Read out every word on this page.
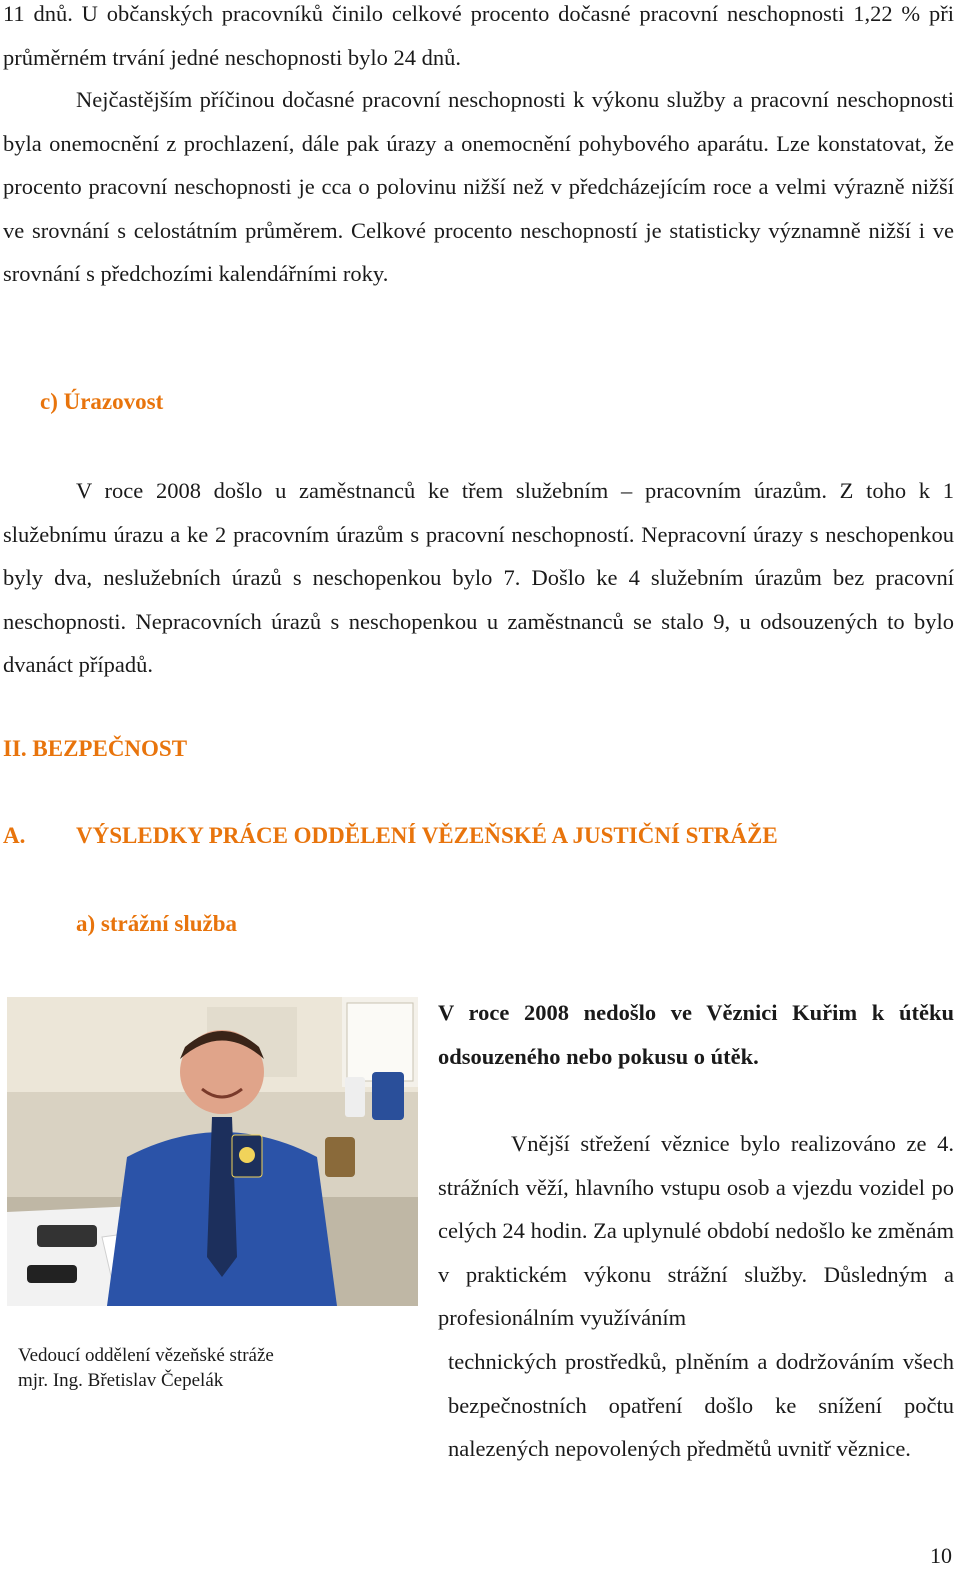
11 dnů. U občanských pracovníků činilo celkové procento dočasné pracovní neschopnosti 1,22 % při průměrném trvání jedné neschopnosti bylo 24 dnů.

Nejčastějším příčinou dočasné pracovní neschopnosti k výkonu služby a pracovní neschopnosti byla onemocnění z prochlazení, dále pak úrazy a onemocnění pohybového aparátu. Lze konstatovat, že procento pracovní neschopnosti je cca o polovinu nižší než v předcházejícím roce a velmi výrazně nižší ve srovnání s celostátním průměrem. Celkové procento neschopností je statisticky významně nižší i ve srovnání s předchozími kalendářními roky.

c) Úrazovost

V roce 2008 došlo u zaměstnanců ke třem služebním – pracovním úrazům. Z toho k 1 služebnímu úrazu a ke 2 pracovním úrazům s pracovní neschopností. Nepracovní úrazy s neschopenkou byly dva, neslužebních úrazů s neschopenkou bylo 7. Došlo ke 4 služebním úrazům bez pracovní neschopnosti. Nepracovních úrazů s neschopenkou u zaměstnanců se stalo 9, u odsouzených to bylo dvanáct případů.

II. BEZPEČNOST
A. VÝSLEDKY PRÁCE ODDĚLENÍ VĚZEŇSKÉ A JUSTIČNÍ STRÁŽE
a) strážní služba

Vedoucí oddělení vězeňské stráže
mjr. Ing. Břetislav Čepelák

V roce 2008 nedošlo ve Věznici Kuřim k útěku odsouzeného nebo pokusu o útěk.

Vnější střežení věznice bylo realizováno ze 4. strážních věží, hlavního vstupu osob a vjezdu vozidel po celých 24 hodin. Za uplynulé období nedošlo ke změnám v praktickém výkonu strážní služby. Důsledným a profesionálním využíváním

technických prostředků, plněním a dodržováním všech bezpečnostních opatření došlo ke snížení počtu nalezených nepovolených předmětů uvnitř věznice.

10
